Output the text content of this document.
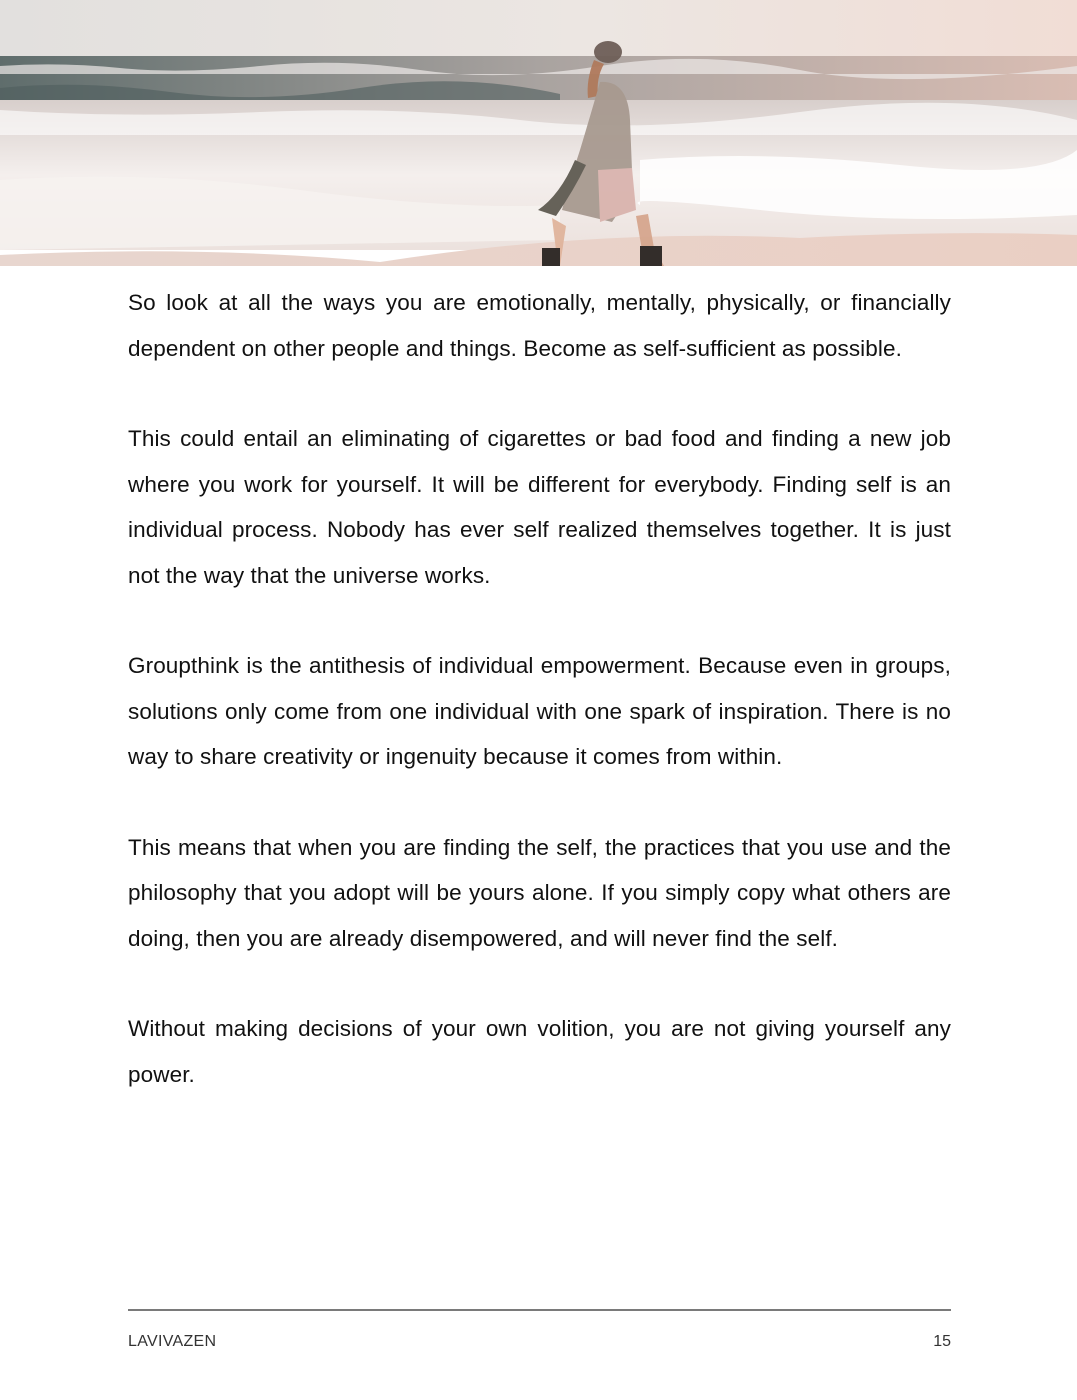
So look at all the ways you are emotionally, mentally, physically, or financially dependent on other people and things. Become as self-sufficient as possible.

This could entail an eliminating of cigarettes or bad food and finding a new job where you work for yourself. It will be different for everybody. Finding self is an individual process. Nobody has ever self realized themselves together. It is just not the way that the universe works.

Groupthink is the antithesis of individual empowerment. Because even in groups, solutions only come from one individual with one spark of inspiration. There is no way to share creativity or ingenuity because it comes from within.

This means that when you are finding the self, the practices that you use and the philosophy that you adopt will be yours alone. If you simply copy what others are doing, then you are already disempowered, and will never find the self.

Without making decisions of your own volition, you are not giving yourself any power.

LAVIVAZEN	15
